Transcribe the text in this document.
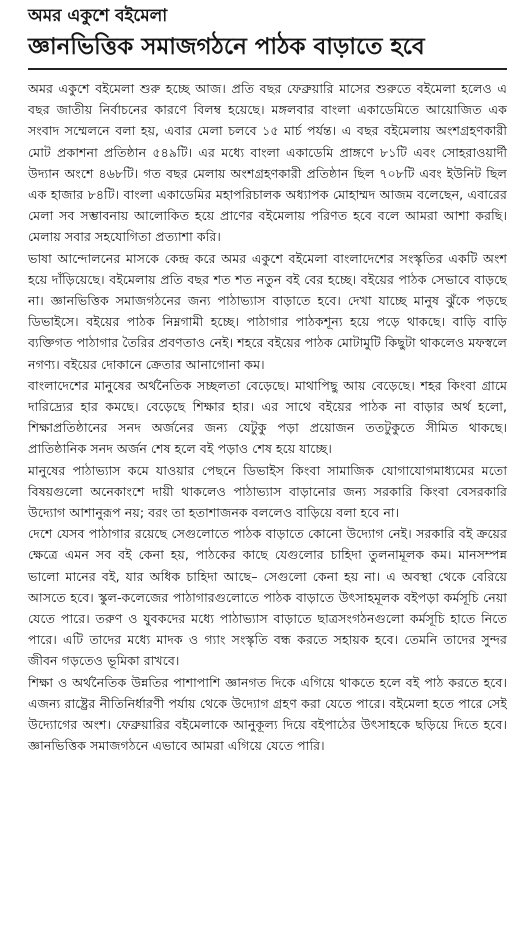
অমর একুশে বইমেলা
জ্ঞানভিত্তিক সমাজগঠনে পাঠক বাড়াতে হবে

অমর একুশে বইমেলা শুরু হচ্ছে আজ। প্রতি বছর ফেব্রুয়ারি মাসের শুরুতে বইমেলা হলেও এ বছর জাতীয় নির্বাচনের কারণে বিলম্ব হয়েছে। মঙ্গলবার বাংলা একাডেমিতে আয়োজিত এক সংবাদ সম্মেলনে বলা হয়, এবার মেলা চলবে ১৫ মার্চ পর্যন্ত। এ বছর বইমেলায় অংশগ্রহণকারী মোট প্রকাশনা প্রতিষ্ঠান ৫৪৯টি। এর মধ্যে বাংলা একাডেমি প্রাঙ্গণে ৮১টি এবং সোহরাওয়ার্দী উদ্যান অংশে ৪৬৮টি। গত বছর মেলায় অংশগ্রহণকারী প্রতিষ্ঠান ছিল ৭০৮টি এবং ইউনিট ছিল এক হাজার ৮৪টি। বাংলা একাডেমির মহাপরিচালক অধ্যাপক মোহাম্মদ আজম বলেছেন, এবারের মেলা সব সম্ভাবনায় আলোকিত হয়ে প্রাণের বইমেলায় পরিণত হবে বলে আমরা আশা করছি। মেলায় সবার সহযোগিতা প্রত্যাশা করি।

ভাষা আন্দোলনের মাসকে কেন্দ্র করে অমর একুশে বইমেলা বাংলাদেশের সংস্কৃতির একটি অংশ হয়ে দাঁড়িয়েছে। বইমেলায় প্রতি বছর শত শত নতুন বই বের হচ্ছে। বইয়ের পাঠক সেভাবে বাড়ছে না। জ্ঞানভিত্তিক সমাজগঠনের জন্য পাঠাভ্যাস বাড়াতে হবে। দেখা যাচ্ছে মানুষ ঝুঁকে পড়ছে ডিভাইসে। বইয়ের পাঠক নিম্নগামী হচ্ছে। পাঠাগার পাঠকশূন্য হয়ে পড়ে থাকছে। বাড়ি বাড়ি ব্যক্তিগত পাঠাগার তৈরির প্রবণতাও নেই। শহরে বইয়ের পাঠক মোটামুটি কিছুটা থাকলেও মফস্বলে নগণ্য। বইয়ের দোকানে ক্রেতার আনাগোনা কম।

বাংলাদেশের মানুষের অর্থনৈতিক সচ্ছলতা বেড়েছে। মাথাপিছু আয় বেড়েছে। শহর কিংবা গ্রামে দারিদ্র্যের হার কমছে। বেড়েছে শিক্ষার হার। এর সাথে বইয়ের পাঠক না বাড়ার অর্থ হলো, শিক্ষাপ্রতিষ্ঠানের সনদ অর্জনের জন্য যেটুকু পড়া প্রয়োজন ততটুকুতে সীমিত থাকছে। প্রাতিষ্ঠানিক সনদ অর্জন শেষ হলে বই পড়াও শেষ হয়ে যাচ্ছে।

মানুষের পাঠাভ্যাস কমে যাওয়ার পেছনে ডিভাইস কিংবা সামাজিক যোগাযোগমাধ্যমের মতো বিষয়গুলো অনেকাংশে দায়ী থাকলেও পাঠাভ্যাস বাড়ানোর জন্য সরকারি কিংবা বেসরকারি উদ্যোগ আশানুরূপ নয়; বরং তা হতাশাজনক বললেও বাড়িয়ে বলা হবে না।

দেশে যেসব পাঠাগার রয়েছে সেগুলোতে পাঠক বাড়াতে কোনো উদ্যোগ নেই। সরকারি বই ক্রয়ের ক্ষেত্রে এমন সব বই কেনা হয়, পাঠকের কাছে যেগুলোর চাহিদা তুলনামূলক কম। মানসম্পন্ন ভালো মানের বই, যার অধিক চাহিদা আছে– সেগুলো কেনা হয় না। এ অবস্থা থেকে বেরিয়ে আসতে হবে। স্কুল-কলেজের পাঠাগারগুলোতে পাঠক বাড়াতে উৎসাহমূলক বইপড়া কর্মসূচি নেয়া যেতে পারে। তরুণ ও যুবকদের মধ্যে পাঠাভ্যাস বাড়াতে ছাত্রসংগঠনগুলো কর্মসূচি হাতে নিতে পারে। এটি তাদের মধ্যে মাদক ও গ্যাং সংস্কৃতি বন্ধ করতে সহায়ক হবে। তেমনি তাদের সুন্দর জীবন গড়তেও ভূমিকা রাখবে।

শিক্ষা ও অর্থনৈতিক উন্নতির পাশাপাশি জ্ঞানগত দিকে এগিয়ে থাকতে হলে বই পাঠ করতে হবে। এজন্য রাষ্ট্রের নীতিনির্ধারণী পর্যায় থেকে উদ্যোগ গ্রহণ করা যেতে পারে। বইমেলা হতে পারে সেই উদ্যোগের অংশ। ফেব্রুয়ারির বইমেলাকে আনুকূল্য দিয়ে বইপাঠের উৎসাহকে ছড়িয়ে দিতে হবে। জ্ঞানভিত্তিক সমাজগঠনে এভাবে আমরা এগিয়ে যেতে পারি।
